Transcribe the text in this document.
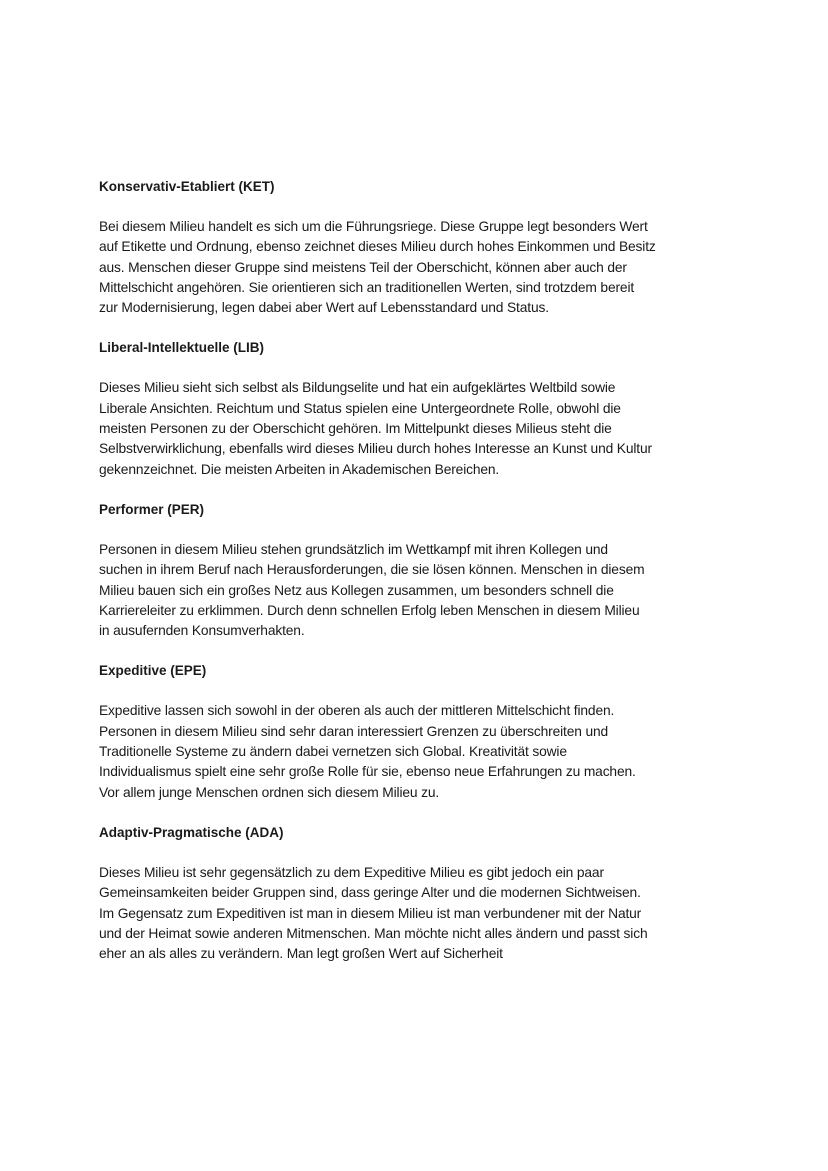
Konservativ-Etabliert (KET)
Bei diesem Milieu handelt es sich um die Führungsriege. Diese Gruppe legt besonders Wert
auf Etikette und Ordnung, ebenso zeichnet dieses Milieu durch hohes Einkommen und Besitz
aus. Menschen dieser Gruppe sind meistens Teil der Oberschicht, können aber auch der
Mittelschicht angehören. Sie orientieren sich an traditionellen Werten, sind trotzdem bereit
zur Modernisierung, legen dabei aber Wert auf Lebensstandard und Status.
Liberal-Intellektuelle (LIB)
Dieses Milieu sieht sich selbst als Bildungselite und hat ein aufgeklärtes Weltbild sowie
Liberale Ansichten. Reichtum und Status spielen eine Untergeordnete Rolle, obwohl die
meisten Personen zu der Oberschicht gehören. Im Mittelpunkt dieses Milieus steht die
Selbstverwirklichung, ebenfalls wird dieses Milieu durch hohes Interesse an Kunst und Kultur
gekennzeichnet. Die meisten Arbeiten in Akademischen Bereichen.
Performer (PER)
Personen in diesem Milieu stehen grundsätzlich im Wettkampf mit ihren Kollegen und
suchen in ihrem Beruf nach Herausforderungen, die sie lösen können. Menschen in diesem
Milieu bauen sich ein großes Netz aus Kollegen zusammen, um besonders schnell die
Karriereleiter zu erklimmen. Durch denn schnellen Erfolg leben Menschen in diesem Milieu
in ausufernden Konsumverhakten.
Expeditive (EPE)
Expeditive lassen sich sowohl in der oberen als auch der mittleren Mittelschicht finden.
Personen in diesem Milieu sind sehr daran interessiert Grenzen zu überschreiten und
Traditionelle Systeme zu ändern dabei vernetzen sich Global. Kreativität sowie
Individualismus spielt eine sehr große Rolle für sie, ebenso neue Erfahrungen zu machen.
Vor allem junge Menschen ordnen sich diesem Milieu zu.
Adaptiv-Pragmatische (ADA)
Dieses Milieu ist sehr gegensätzlich zu dem Expeditive Milieu es gibt jedoch ein paar
Gemeinsamkeiten beider Gruppen sind, dass geringe Alter und die modernen Sichtweisen.
Im Gegensatz zum Expeditiven ist man in diesem Milieu ist man verbundener mit der Natur
und der Heimat sowie anderen Mitmenschen. Man möchte nicht alles ändern und passt sich
eher an als alles zu verändern. Man legt großen Wert auf Sicherheit
